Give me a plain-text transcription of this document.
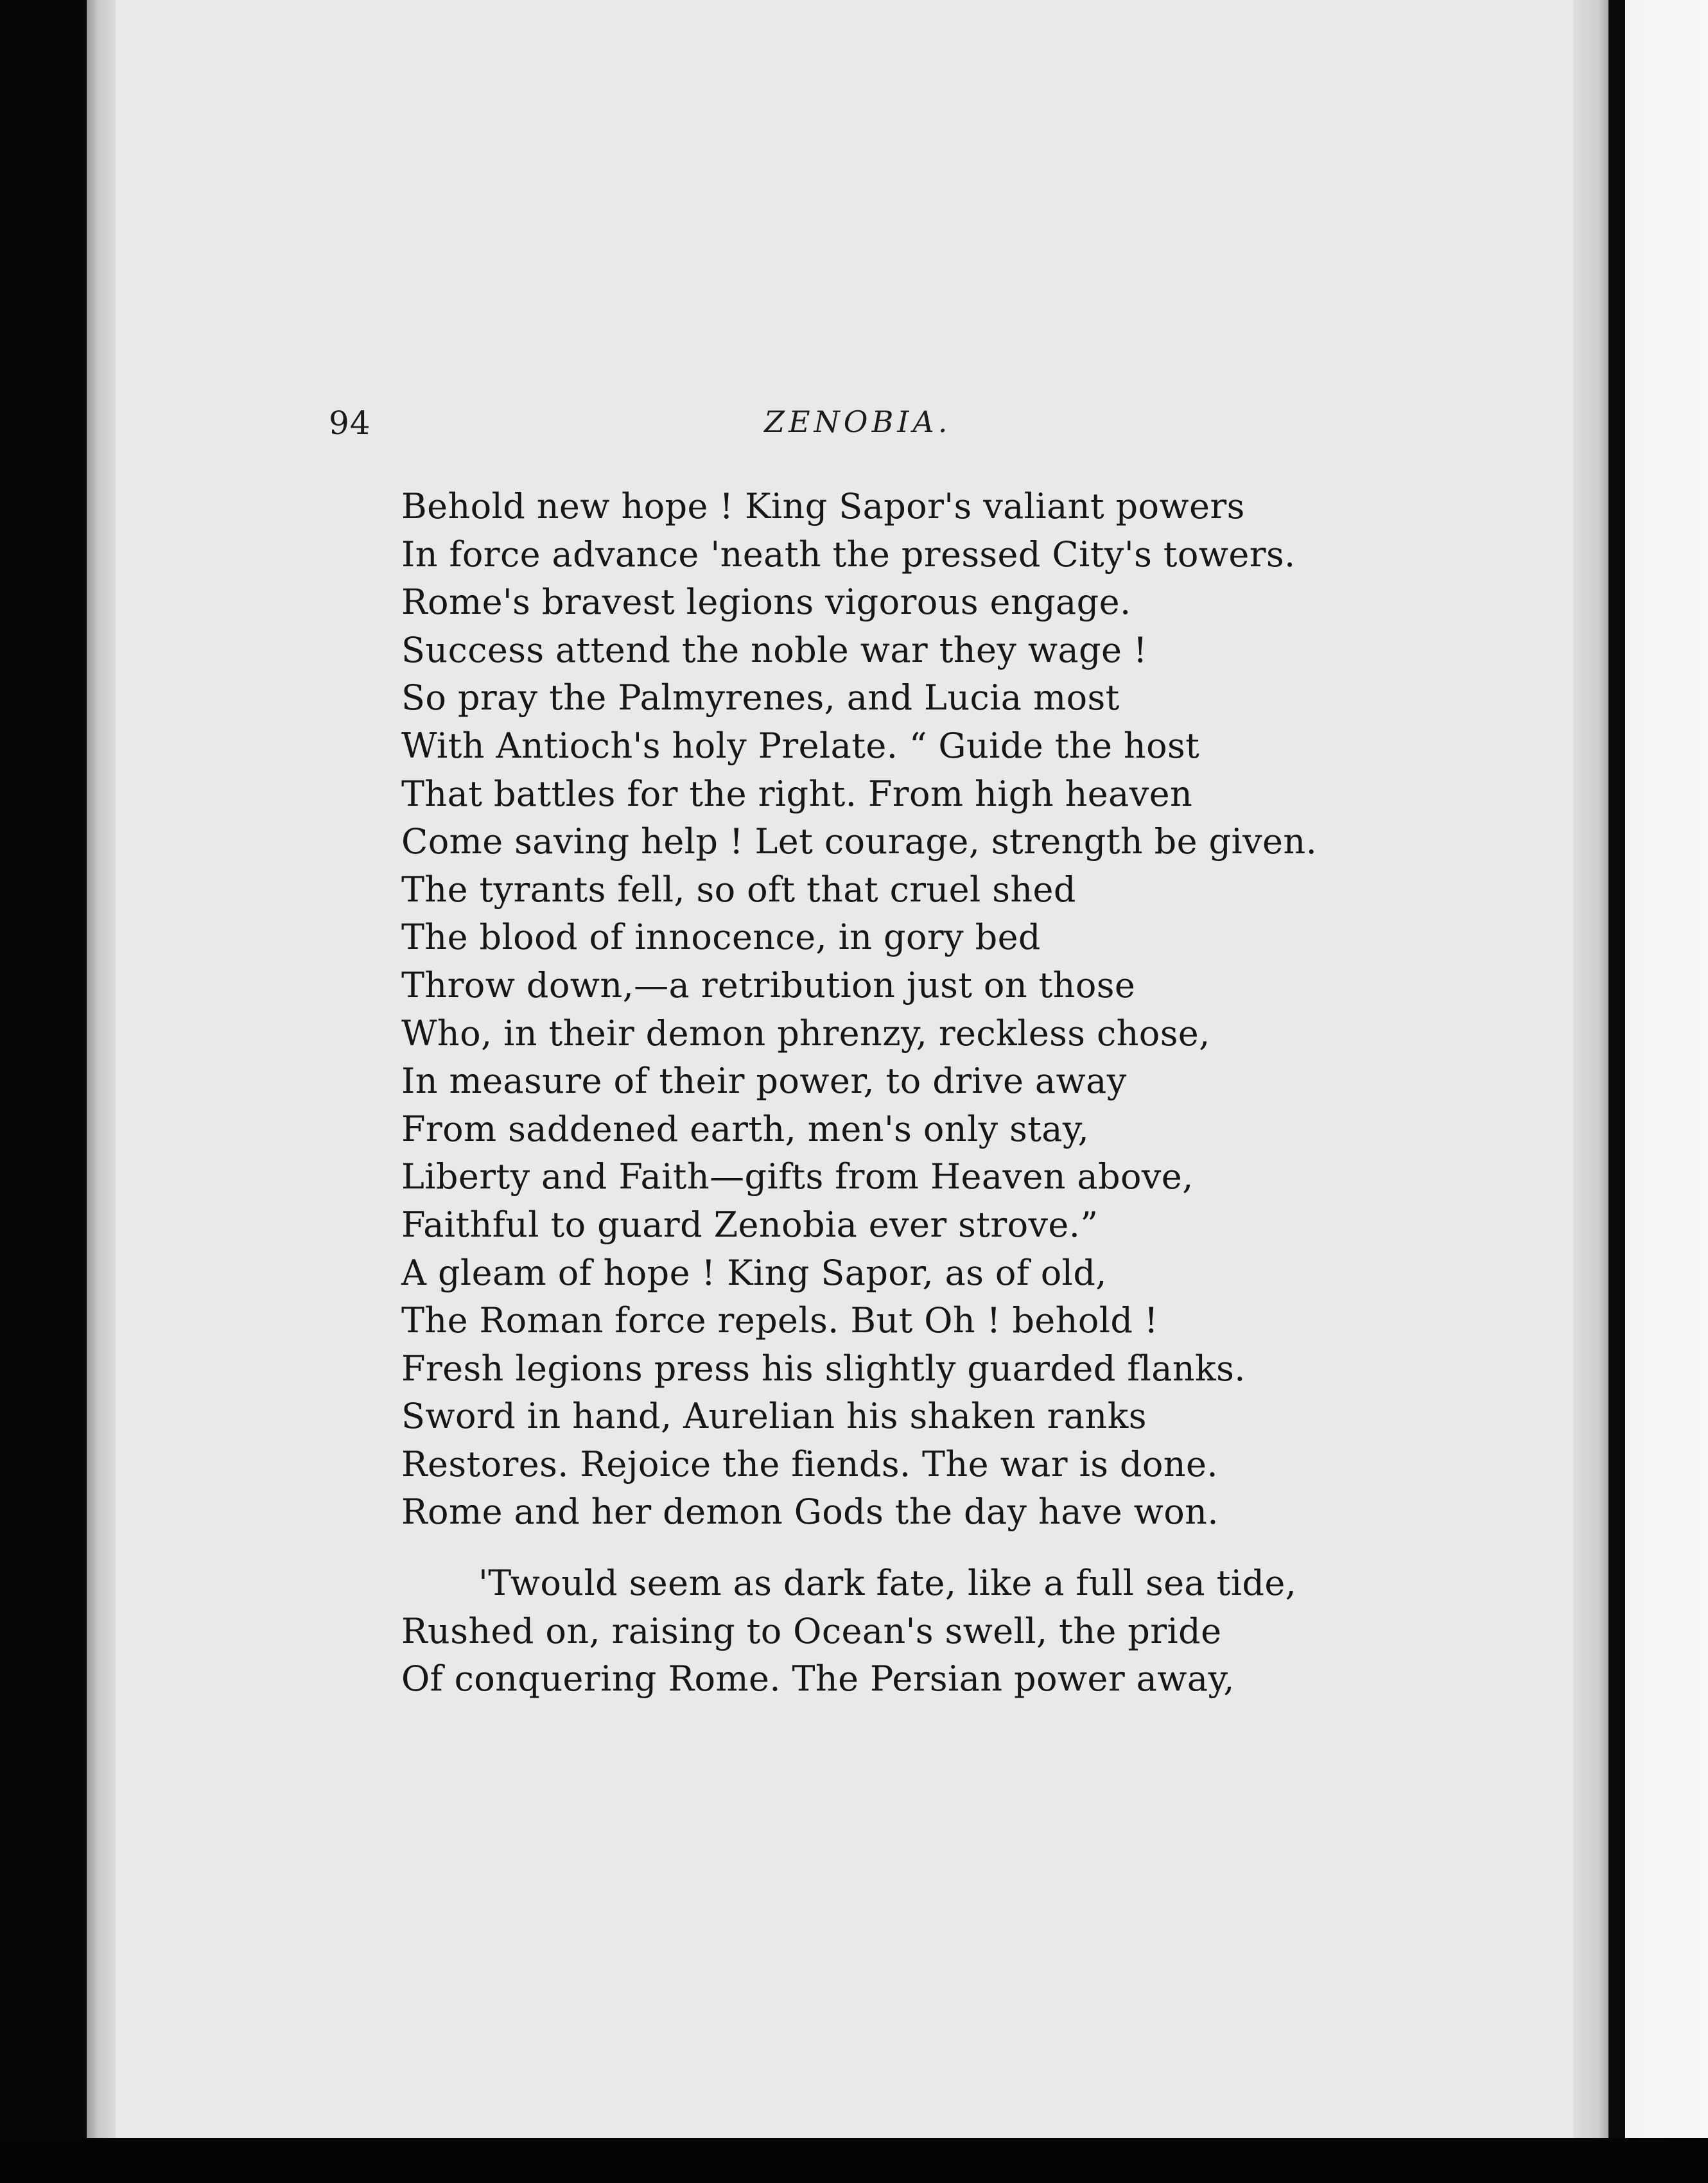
94	ZENOBIA.
Behold new hope ! King Sapor's valiant powers
In force advance 'neath the pressed City's towers.
Rome's bravest legions vigorous engage.
Success attend the noble war they wage !
So pray the Palmyrenes, and Lucia most
With Antioch's holy Prelate. “ Guide the host
That battles for the right. From high heaven
Come saving help ! Let courage, strength be given.
The tyrants fell, so oft that cruel shed
The blood of innocence, in gory bed
Throw down,—a retribution just on those
Who, in their demon phrenzy, reckless chose,
In measure of their power, to drive away
From saddened earth, men's only stay,
Liberty and Faith—gifts from Heaven above,
Faithful to guard Zenobia ever strove.”
A gleam of hope ! King Sapor, as of old,
The Roman force repels. But Oh ! behold !
Fresh legions press his slightly guarded flanks.
Sword in hand, Aurelian his shaken ranks
Restores. Rejoice the fiends. The war is done.
Rome and her demon Gods the day have won.
'Twould seem as dark fate, like a full sea tide,
Rushed on, raising to Ocean's swell, the pride
Of conquering Rome. The Persian power away,
